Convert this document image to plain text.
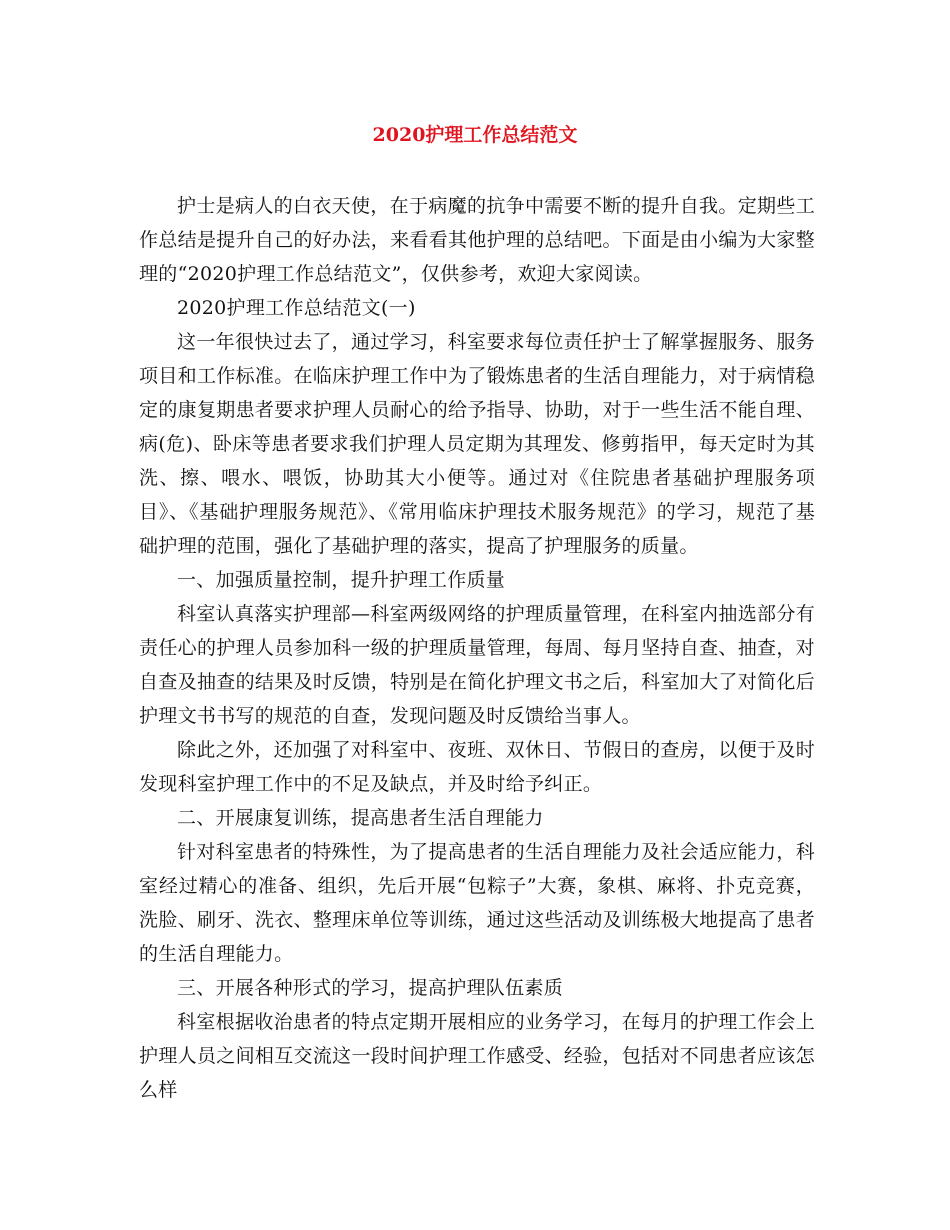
2020护理工作总结范文

护士是病人的白衣天使，在于病魔的抗争中需要不断的提升自我。定期些工作总结是提升自己的好办法，来看看其他护理的总结吧。下面是由小编为大家整理的“2020护理工作总结范文”，仅供参考，欢迎大家阅读。

2020护理工作总结范文(一)

这一年很快过去了，通过学习，科室要求每位责任护士了解掌握服务、服务项目和工作标准。在临床护理工作中为了锻炼患者的生活自理能力，对于病情稳定的康复期患者要求护理人员耐心的给予指导、协助，对于一些生活不能自理、病(危)、卧床等患者要求我们护理人员定期为其理发、修剪指甲，每天定时为其洗、擦、喂水、喂饭，协助其大小便等。通过对《住院患者基础护理服务项目》、《基础护理服务规范》、《常用临床护理技术服务规范》的学习，规范了基础护理的范围，强化了基础护理的落实，提高了护理服务的质量。

一、加强质量控制，提升护理工作质量

科室认真落实护理部—科室两级网络的护理质量管理，在科室内抽选部分有责任心的护理人员参加科一级的护理质量管理，每周、每月坚持自查、抽查，对自查及抽查的结果及时反馈，特别是在简化护理文书之后，科室加大了对简化后护理文书书写的规范的自查，发现问题及时反馈给当事人。

除此之外，还加强了对科室中、夜班、双休日、节假日的查房，以便于及时发现科室护理工作中的不足及缺点，并及时给予纠正。

二、开展康复训练，提高患者生活自理能力

针对科室患者的特殊性，为了提高患者的生活自理能力及社会适应能力，科室经过精心的准备、组织，先后开展“包粽子”大赛，象棋、麻将、扑克竞赛，洗脸、刷牙、洗衣、整理床单位等训练，通过这些活动及训练极大地提高了患者的生活自理能力。

三、开展各种形式的学习，提高护理队伍素质

科室根据收治患者的特点定期开展相应的业务学习，在每月的护理工作会上护理人员之间相互交流这一段时间护理工作感受、经验，包括对不同患者应该怎么样
